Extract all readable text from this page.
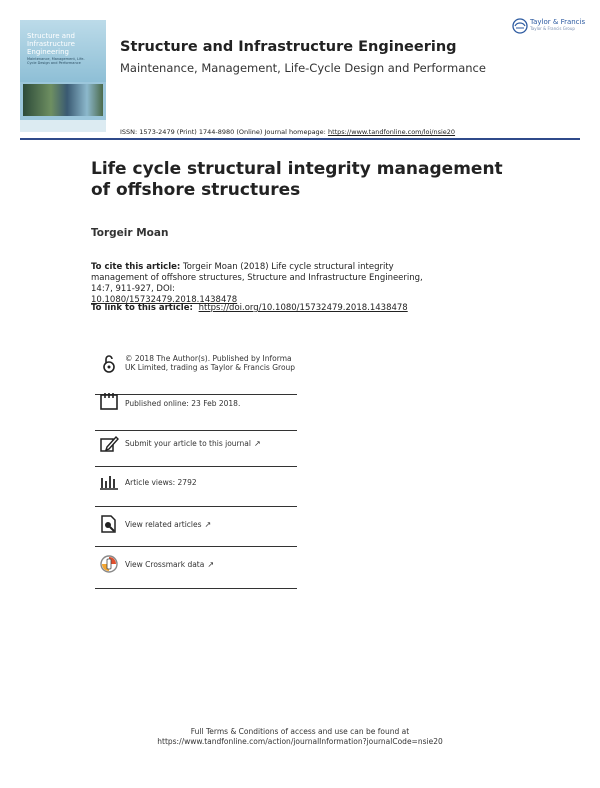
Structure and
Infrastructure Engineering
Maintenance, Management, Life-Cycle Design and Performance
Structure and Infrastructure Engineering
Maintenance, Management, Life-Cycle Design and Performance
Taylor & Francis
Taylor & Francis Group
ISSN: 1573-2479 (Print) 1744-8980 (Online) Journal homepage: https://www.tandfonline.com/loi/nsie20
Life cycle structural integrity management of offshore structures
Torgeir Moan
To cite this article: Torgeir Moan (2018) Life cycle structural integrity management of offshore structures, Structure and Infrastructure Engineering, 14:7, 911-927, DOI:
10.1080/15732479.2018.1438478
To link to this article: https://doi.org/10.1080/15732479.2018.1438478
© 2018 The Author(s). Published by Informa UK Limited, trading as Taylor & Francis Group
Published online: 23 Feb 2018.
Submit your article to this journal ↗
Article views: 2792
View related articles ↗
View Crossmark data ↗
Full Terms & Conditions of access and use can be found at
https://www.tandfonline.com/action/journalInformation?journalCode=nsie20
